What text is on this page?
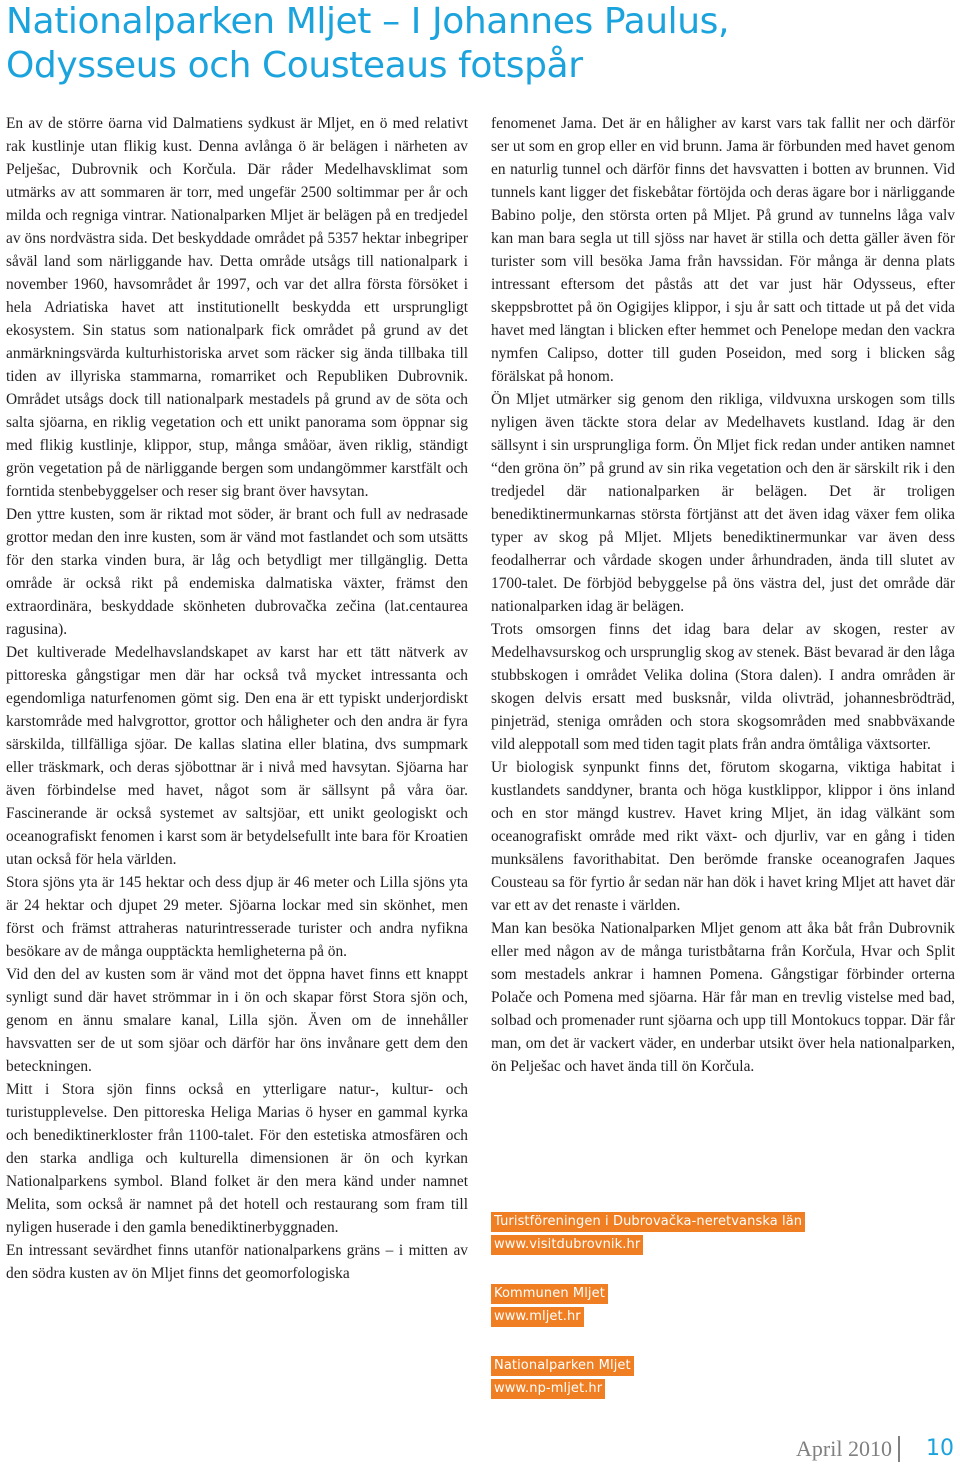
Nationalparken Mljet – I Johannes Paulus,
Odysseus och Cousteaus fotspår

En av de större öarna vid Dalmatiens sydkust är Mljet, en ö med relativt rak kustlinje utan flikig kust. Denna avlånga ö är belägen i närheten av Pelješac, Dubrovnik och Korčula. Där råder Medelhavsklimat som utmärks av att sommaren är torr, med ungefär 2500 soltimmar per år och milda och regniga vintrar. Nationalparken Mljet är belägen på en tredjedel av öns nordvästra sida. Det beskyddade området på 5357 hektar inbegriper såväl land som närliggande hav. Detta område utsågs till nationalpark i november 1960, havsområdet år 1997, och var det allra första försöket i hela Adriatiska havet att institutionellt beskydda ett ursprungligt ekosystem. Sin status som nationalpark fick området på grund av det anmärkningsvärda kulturhistoriska arvet som räcker sig ända tillbaka till tiden av illyriska stammarna, romarriket och Republiken Dubrovnik. Området utsågs dock till nationalpark mestadels på grund av de söta och salta sjöarna, en riklig vegetation och ett unikt panorama som öppnar sig med flikig kustlinje, klippor, stup, många småöar, även riklig, ständigt grön vegetation på de närliggande bergen som undangömmer karstfält och forntida stenbebyggelser och reser sig brant över havsytan.

Den yttre kusten, som är riktad mot söder, är brant och full av nedrasade grottor medan den inre kusten, som är vänd mot fastlandet och som utsätts för den starka vinden bura, är låg och betydligt mer tillgänglig. Detta område är också rikt på endemiska dalmatiska växter, främst den extraordinära, beskyddade skönheten dubrovačka zečina (lat.centaurea ragusina).

Det kultiverade Medelhavslandskapet av karst har ett tätt nätverk av pittoreska gångstigar men där har också två mycket intressanta och egendomliga naturfenomen gömt sig. Den ena är ett typiskt underjordiskt karstområde med halvgrottor, grottor och håligheter och den andra är fyra särskilda, tillfälliga sjöar. De kallas slatina eller blatina, dvs sumpmark eller träskmark, och deras sjöbottnar är i nivå med havsytan. Sjöarna har även förbindelse med havet, något som är sällsynt på våra öar. Fascinerande är också systemet av saltsjöar, ett unikt geologiskt och oceanografiskt fenomen i karst som är betydelsefullt inte bara för Kroatien utan också för hela världen.

Stora sjöns yta är 145 hektar och dess djup är 46 meter och Lilla sjöns yta är 24 hektar och djupet 29 meter. Sjöarna lockar med sin skönhet, men först och främst attraheras naturintresserade turister och andra nyfikna besökare av de många oupptäckta hemligheterna på ön.

Vid den del av kusten som är vänd mot det öppna havet finns ett knappt synligt sund där havet strömmar in i ön och skapar först Stora sjön och, genom en ännu smalare kanal, Lilla sjön. Även om de innehåller havsvatten ser de ut som sjöar och därför har öns invånare gett dem den beteckningen.

Mitt i Stora sjön finns också en ytterligare natur-, kultur- och turistupplevelse. Den pittoreska Heliga Marias ö hyser en gammal kyrka och benediktinerkloster från 1100-talet. För den estetiska atmosfären och den starka andliga och kulturella dimensionen är ön och kyrkan Nationalparkens symbol. Bland folket är den mera känd under namnet Melita, som också är namnet på det hotell och restaurang som fram till nyligen huserade i den gamla benediktinerbyggnaden.

En intressant sevärdhet finns utanför nationalparkens gräns – i mitten av den södra kusten av ön Mljet finns det geomorfologiska

fenomenet Jama. Det är en håligher av karst vars tak fallit ner och därför ser ut som en grop eller en vid brunn. Jama är förbunden med havet genom en naturlig tunnel och därför finns det havsvatten i botten av brunnen. Vid tunnels kant ligger det fiskebåtar förtöjda och deras ägare bor i närliggande Babino polje, den största orten på Mljet. På grund av tunnelns låga valv kan man bara segla ut till sjöss nar havet är stilla och detta gäller även för turister som vill besöka Jama från havssidan. För många är denna plats intressant eftersom det påstås att det var just här Odysseus, efter skeppsbrottet på ön Ogigijes klippor, i sju år satt och tittade ut på det vida havet med längtan i blicken efter hemmet och Penelope medan den vackra nymfen Calipso, dotter till guden Poseidon, med sorg i blicken såg förälskat på honom.

Ön Mljet utmärker sig genom den rikliga, vildvuxna urskogen som tills nyligen även täckte stora delar av Medelhavets kustland. Idag är den sällsynt i sin ursprungliga form. Ön Mljet fick redan under antiken namnet “den gröna ön” på grund av sin rika vegetation och den är särskilt rik i den tredjedel där nationalparken är belägen. Det är troligen benediktinermunkarnas största förtjänst att det även idag växer fem olika typer av skog på Mljet. Mljets benediktinermunkar var även dess feodalherrar och vårdade skogen under århundraden, ända till slutet av 1700-talet. De förbjöd bebyggelse på öns västra del, just det område där nationalparken idag är belägen.

Trots omsorgen finns det idag bara delar av skogen, rester av Medelhavsurskog och ursprunglig skog av stenek. Bäst bevarad är den låga stubbskogen i området Velika dolina (Stora dalen). I andra områden är skogen delvis ersatt med busksnår, vilda olivträd, johannesbrödträd, pinjeträd, steniga områden och stora skogsområden med snabbväxande vild aleppotall som med tiden tagit plats från andra ömtåliga växtsorter.

Ur biologisk synpunkt finns det, förutom skogarna, viktiga habitat i kustlandets sanddyner, branta och höga kustklippor, klippor i öns inland och en stor mängd kustrev. Havet kring Mljet, än idag välkänt som oceanografiskt område med rikt växt- och djurliv, var en gång i tiden munksälens favorithabitat. Den berömde franske oceanografen Jaques Cousteau sa för fyrtio år sedan när han dök i havet kring Mljet att havet där var ett av det renaste i världen.

Man kan besöka Nationalparken Mljet genom att åka båt från Dubrovnik eller med någon av de många turistbåtarna från Korčula, Hvar och Split som mestadels ankrar i hamnen Pomena. Gångstigar förbinder orterna Polače och Pomena med sjöarna. Här får man en trevlig vistelse med bad, solbad och promenader runt sjöarna och upp till Montokucs toppar. Där får man, om det är vackert väder, en underbar utsikt över hela nationalparken, ön Pelješac och havet ända till ön Korčula.

Turistföreningen i Dubrovačka-neretvanska län
www.visitdubrovnik.hr
Kommunen Mljet
www.mljet.hr
Nationalparken Mljet
www.np-mljet.hr
April 2010 10
